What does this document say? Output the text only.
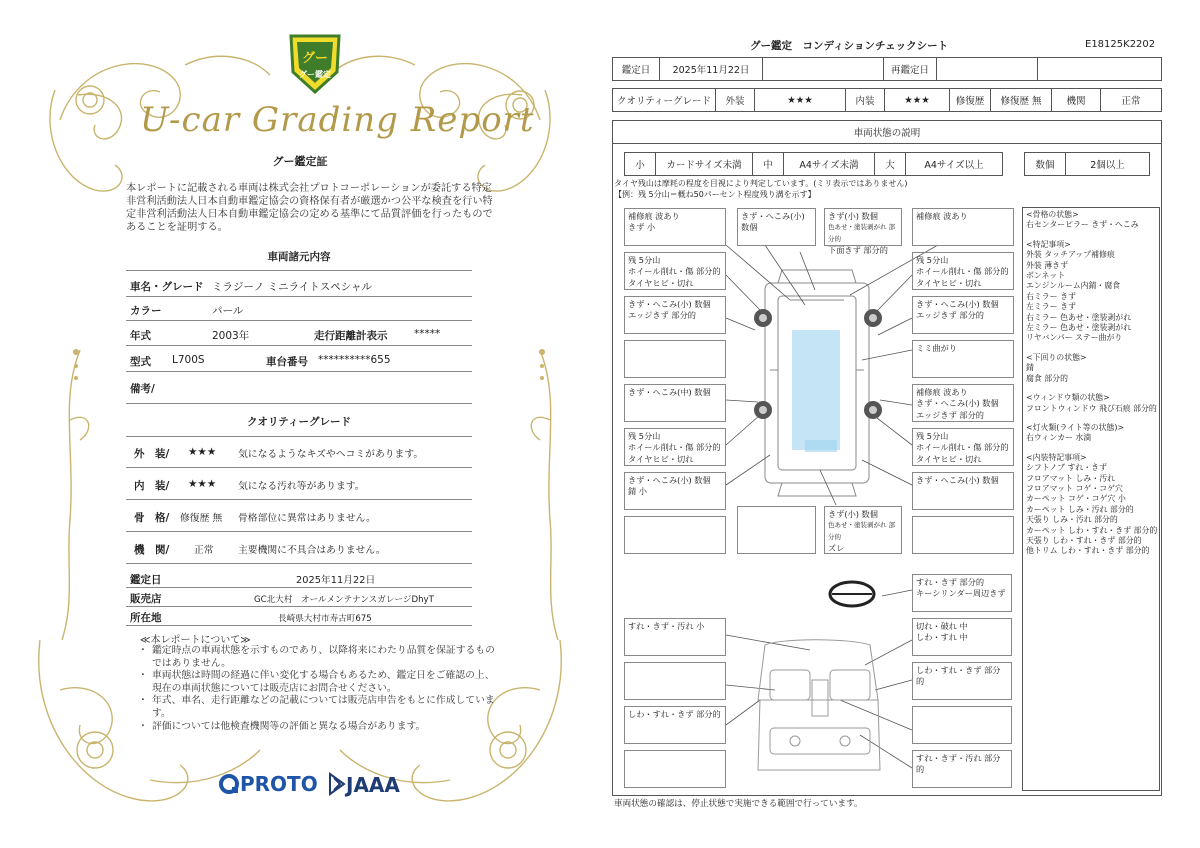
グー
グー鑑定
U-car Grading Report
グー鑑定証
本レポートに記載される車両は株式会社プロトコーポレーションが委託する特定非営利活動法人日本自動車鑑定協会の資格保有者が厳選かつ公平な検査を行い特定非営利活動法人日本自動車鑑定協会の定める基準にて品質評価を行ったものであることを証明する。
車両諸元内容
車名・グレード ミラジーノ ミニライトスペシャル
カラー	パール
年式	2003年	走行距離計表示	*****
型式 L700S	車台番号 **********655
備考/
クオリティーグレード
外　装/ ★★★ 気になるようなキズやヘコミがあります。
内　装/ ★★★ 気になる汚れ等があります。
骨　格/ 修復歴 無 骨格部位に異常はありません。
機　関/	正常 主要機関に不具合はありません。
鑑定日	2025年11月22日
販売店	GC北大村　オールメンテナンスガレージDhyT
所在地	長崎県大村市寿古町675
≪本レポートについて≫
・ 鑑定時点の車両状態を示すものであり、以降将来にわたり品質を保証するものではありません。
・ 車両状態は時間の経過に伴い変化する場合もあるため、鑑定日をご確認の上、現在の車両状態については販売店にお問合せください。
・ 年式、車名、走行距離などの記載については販売店申告をもとに作成しています。
・ 評価については他検査機関等の評価と異なる場合があります。
PROTO	JAAA
グー鑑定　コンディションチェックシート	E18125K2202
鑑定日	2025年11月22日	再鑑定日
クオリティーグレード	外装	★★★	内装	★★★	修復歴	修復歴 無	機関	正常
車両状態の説明
小	カードサイズ未満	中	A4サイズ未満	大	A4サイズ以上	数個	2個以上
タイヤ残山は摩耗の程度を目視により判定しています。(ミリ表示ではありません)
【例：残 5分山＝概ね50パーセント程度残り溝を示す】
補修痕 波あり
きず 小
きず・へこみ(小) 数個
きず(小) 数個
色あせ・塗装剥がれ 部分的
下面きず 部分的
補修痕 波あり
残 5分山
ホイール削れ・傷 部分的
タイヤヒビ・切れ
残 5分山
ホイール削れ・傷 部分的
タイヤヒビ・切れ
きず・へこみ(小) 数個
エッジきず 部分的
きず・へこみ(小) 数個
エッジきず 部分的
ミミ曲がり
きず・へこみ(中) 数個	補修痕 波あり
きず・へこみ(小) 数個
エッジきず 部分的
残 5分山
ホイール削れ・傷 部分的
タイヤヒビ・切れ
残 5分山
ホイール削れ・傷 部分的
タイヤヒビ・切れ
きず・へこみ(小) 数個
錆 小
きず・へこみ(小) 数個
きず(小) 数個
色あせ・塗装剥がれ 部分的
ズレ
すれ・きず 部分的
キーシリンダー周辺きず
すれ・きず・汚れ 小	切れ・破れ 中
しわ・すれ 中
しわ・すれ・きず 部分的
しわ・すれ・きず 部分的
すれ・きず・汚れ 部分的
<骨格の状態>
右センターピラー きず・へこみ
<特記事項>
外装 タッチアップ補修痕
外装 薄きず
ボンネット
エンジンルーム内錆・腐食
右ミラー きず
左ミラー きず
右ミラー 色あせ・塗装剥がれ
左ミラー 色あせ・塗装剥がれ
リヤバンパー ステー曲がり
<下回りの状態>
錆
腐食 部分的
<ウィンドウ類の状態>
フロントウィンドウ 飛び石痕 部分的
<灯火類(ライト等の状態)>
右ウィンカー 水滴
<内装特記事項>
シフトノブ すれ・きず
フロアマット しみ・汚れ
フロアマット コゲ・コゲ穴
カーペット コゲ・コゲ穴 小
カーペット しみ・汚れ 部分的
天張り しみ・汚れ 部分的
カーペット しわ・すれ・きず 部分的
天張り しわ・すれ・きず 部分的
他トリム しわ・すれ・きず 部分的
車両状態の確認は、停止状態で実施できる範囲で行っています。
